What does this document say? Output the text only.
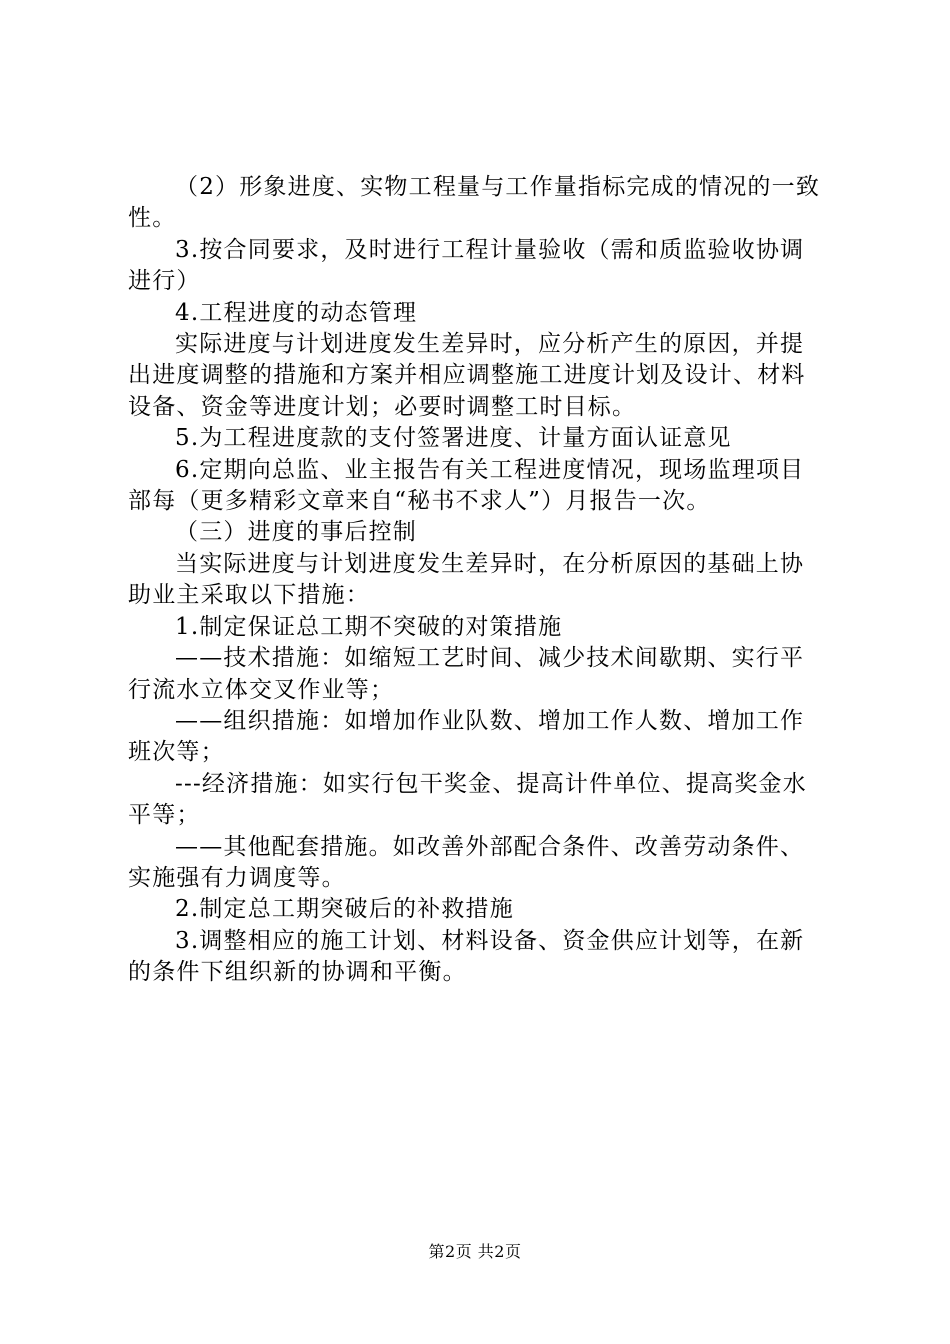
（2）形象进度、实物工程量与工作量指标完成的情况的一致性。

3.按合同要求，及时进行工程计量验收（需和质监验收协调进行）

4.工程进度的动态管理

实际进度与计划进度发生差异时，应分析产生的原因，并提出进度调整的措施和方案并相应调整施工进度计划及设计、材料设备、资金等进度计划；必要时调整工时目标。

5.为工程进度款的支付签署进度、计量方面认证意见

6.定期向总监、业主报告有关工程进度情况，现场监理项目部每（更多精彩文章来自“秘书不求人”）月报告一次。

（三）进度的事后控制

当实际进度与计划进度发生差异时，在分析原因的基础上协助业主采取以下措施：

1.制定保证总工期不突破的对策措施

——技术措施：如缩短工艺时间、减少技术间歇期、实行平行流水立体交叉作业等；

——组织措施：如增加作业队数、增加工作人数、增加工作班次等；

---经济措施：如实行包干奖金、提高计件单位、提高奖金水平等；

——其他配套措施。如改善外部配合条件、改善劳动条件、实施强有力调度等。

2.制定总工期突破后的补救措施

3.调整相应的施工计划、材料设备、资金供应计划等，在新的条件下组织新的协调和平衡。

第2页 共2页
